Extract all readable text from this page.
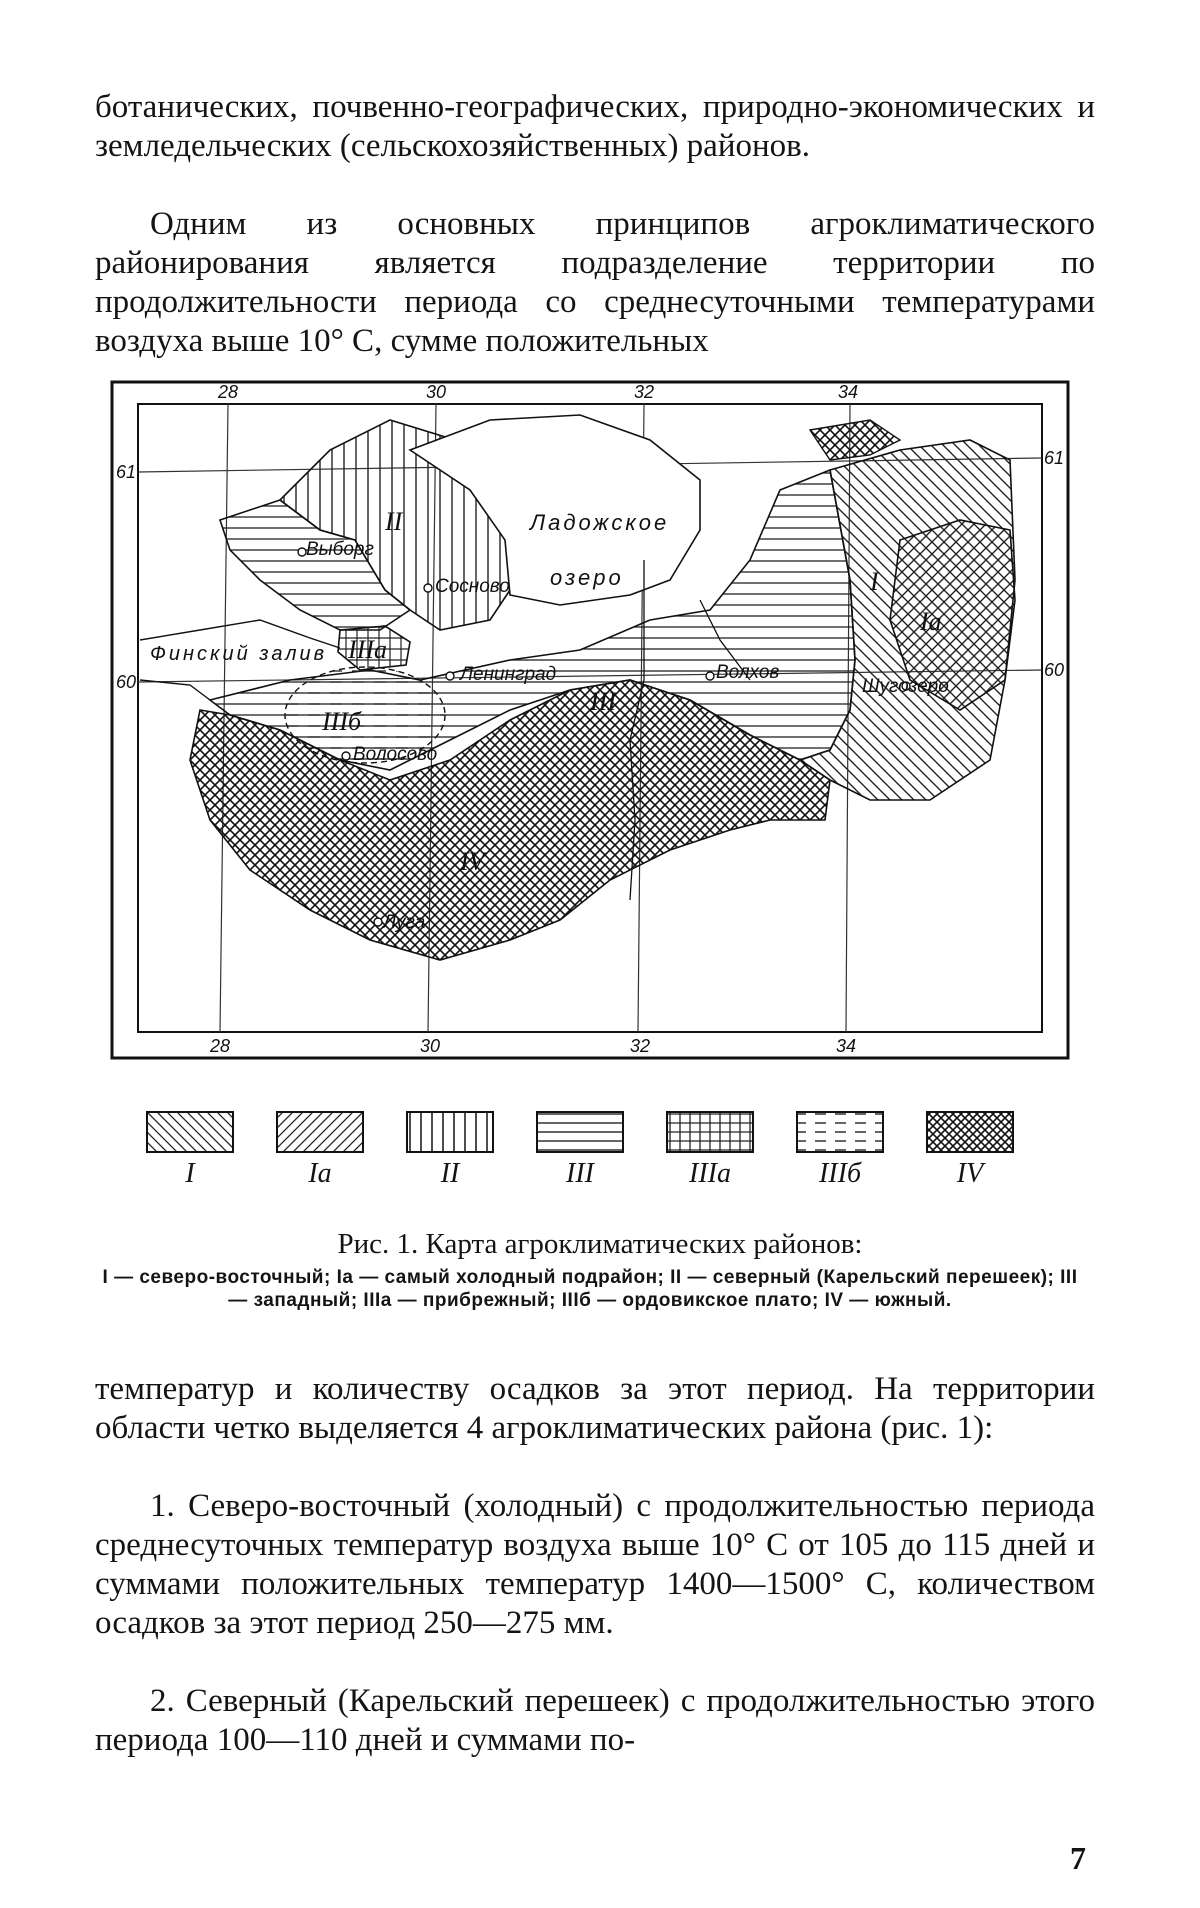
ботанических, почвенно-географических, природно-экономических и земледельческих (сельскохозяйственных) районов.

Одним из основных принципов агроклиматического районирования является подразделение территории по продолжительности периода со среднесуточными температурами воздуха выше 10° С, сумме положительных

28	30	32	34
28	30	32	34
61
60
61
60
Ладожское
озеро
Выборг
Сосново
Финский залив
Ленинград	Волхов
Шугозеро
Волосово
Луга
I
Iа
II
III
IIIа
IIIб
IV
I	Iа	II	III	IIIа	IIIб	IV
Рис. 1. Карта агроклиматических районов:
I — северо-восточный; Iа — самый холодный подрайон; II — северный (Карельский перешеек); III — западный; IIIа — прибрежный; IIIб — ордовикское плато; IV — южный.

температур и количеству осадков за этот период. На территории области четко выделяется 4 агроклиматических района (рис. 1):

1. Северо-восточный (холодный) с продолжительностью периода среднесуточных температур воздуха выше 10° С от 105 до 115 дней и суммами положительных температур 1400—1500° С, количеством осадков за этот период 250—275 мм.

2. Северный (Карельский перешеек) с продолжительностью этого периода 100—110 дней и суммами по-

7
